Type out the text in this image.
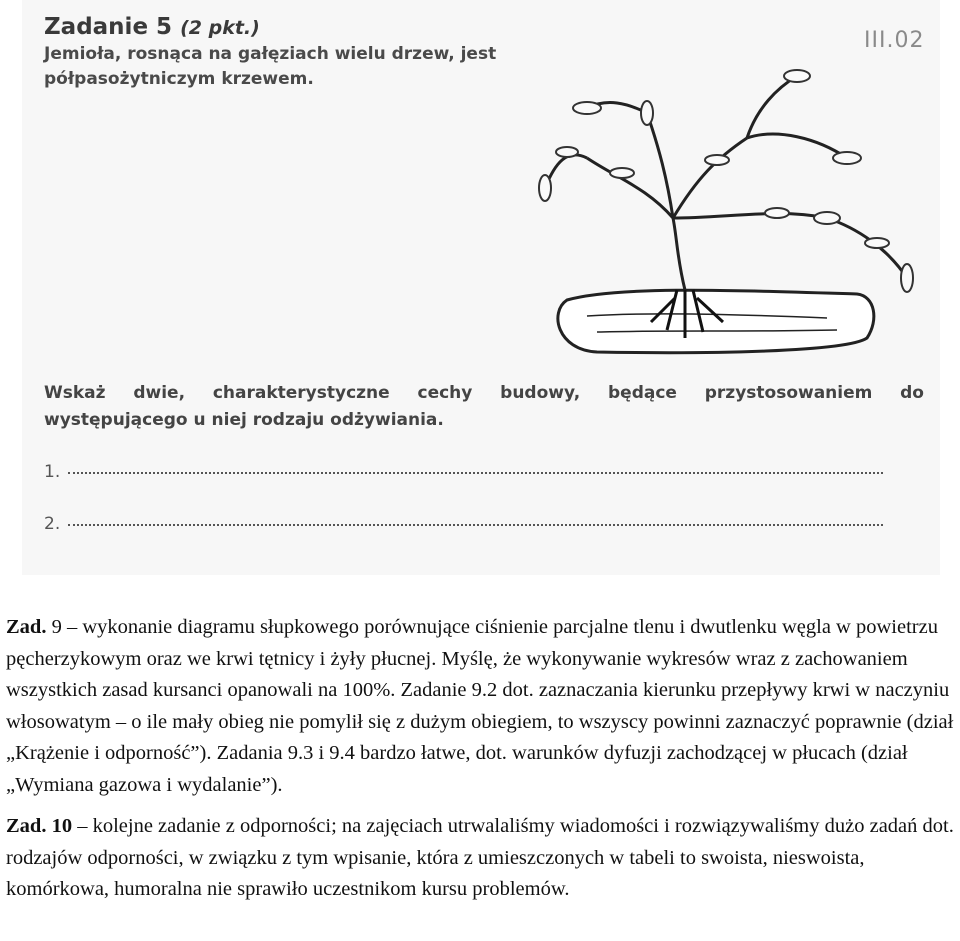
Zadanie 5 (2 pkt.)
Jemioła, rosnąca na gałęziach wielu drzew, jest
półpasożytniczym krzewem.
III.02
Wskaż dwie, charakterystyczne cechy budowy, będące przystosowaniem do
występującego u niej rodzaju odżywiania.
1.
2.

Zad. 9 – wykonanie diagramu słupkowego porównujące ciśnienie parcjalne tlenu i dwutlenku węgla w powietrzu pęcherzykowym oraz we krwi tętnicy i żyły płucnej. Myślę, że wykonywanie wykresów wraz z zachowaniem wszystkich zasad kursanci opanowali na 100%. Zadanie 9.2 dot. zaznaczania kierunku przepływy krwi w naczyniu włosowatym – o ile mały obieg nie pomylił się z dużym obiegiem, to wszyscy powinni zaznaczyć poprawnie (dział „Krążenie i odporność”). Zadania 9.3 i 9.4 bardzo łatwe, dot. warunków dyfuzji zachodzącej w płucach (dział „Wymiana gazowa i wydalanie”).

Zad. 10 – kolejne zadanie z odporności; na zajęciach utrwalaliśmy wiadomości i rozwiązywaliśmy dużo zadań dot. rodzajów odporności, w związku z tym wpisanie, która z umieszczonych w tabeli to swoista, nieswoista, komórkowa, humoralna nie sprawiło uczestnikom kursu problemów.
